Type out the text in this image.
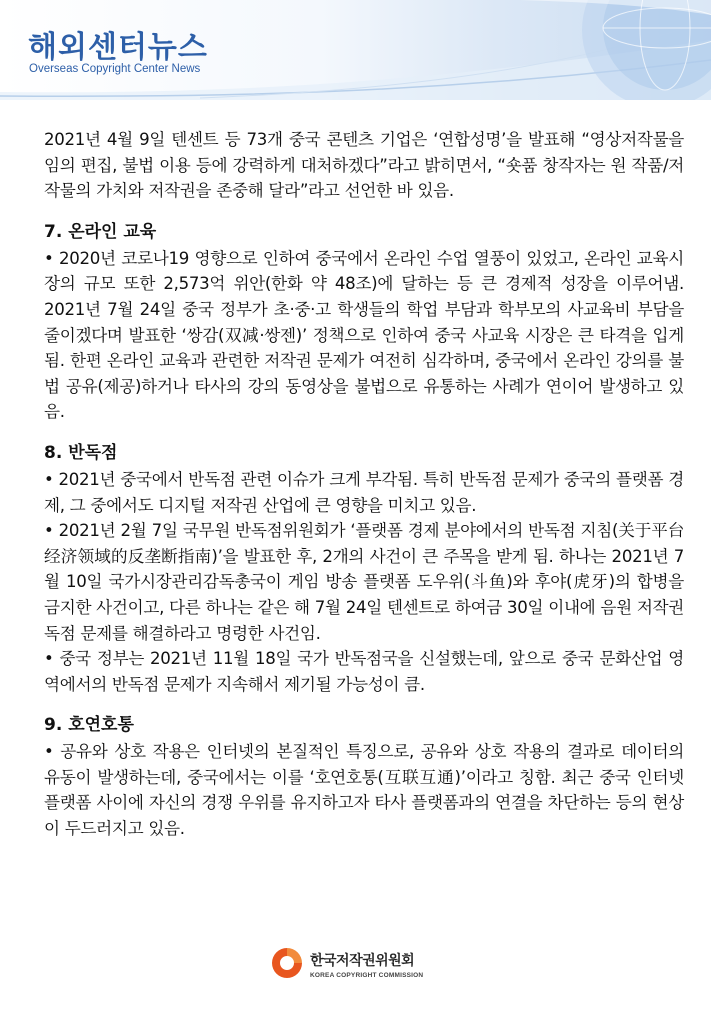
해외센터뉴스
Overseas Copyright Center News

2021년 4월 9일 텐센트 등 73개 중국 콘텐츠 기업은 ‘연합성명’을 발표해 “영상저작물을 임의 편집, 불법 이용 등에 강력하게 대처하겠다”라고 밝히면서, “숏품 창작자는 원 작품/저작물의 가치와 저작권을 존중해 달라”라고 선언한 바 있음.

7. 온라인 교육

• 2020년 코로나19 영향으로 인하여 중국에서 온라인 수업 열풍이 있었고, 온라인 교육시장의 규모 또한 2,573억 위안(한화 약 48조)에 달하는 등 큰 경제적 성장을 이루어냄. 2021년 7월 24일 중국 정부가 초·중·고 학생들의 학업 부담과 학부모의 사교육비 부담을 줄이겠다며 발표한 ‘쌍감(双减·쌍젠)’ 정책으로 인하여 중국 사교육 시장은 큰 타격을 입게 됨. 한편 온라인 교육과 관련한 저작권 문제가 여전히 심각하며, 중국에서 온라인 강의를 불법 공유(제공)하거나 타사의 강의 동영상을 불법으로 유통하는 사례가 연이어 발생하고 있음.

8. 반독점

• 2021년 중국에서 반독점 관련 이슈가 크게 부각됨. 특히 반독점 문제가 중국의 플랫폼 경제, 그 중에서도 디지털 저작권 산업에 큰 영향을 미치고 있음.

• 2021년 2월 7일 국무원 반독점위원회가 ‘플랫폼 경제 분야에서의 반독점 지침(关于平台经济领域的反垄断指南)’을 발표한 후, 2개의 사건이 큰 주목을 받게 됨. 하나는 2021년 7월 10일 국가시장관리감독총국이 게임 방송 플랫폼 도우위(斗鱼)와 후야(虎牙)의 합병을 금지한 사건이고, 다른 하나는 같은 해 7월 24일 텐센트로 하여금 30일 이내에 음원 저작권 독점 문제를 해결하라고 명령한 사건임.

• 중국 정부는 2021년 11월 18일 국가 반독점국을 신설했는데, 앞으로 중국 문화산업 영역에서의 반독점 문제가 지속해서 제기될 가능성이 큼.

9. 호연호통

• 공유와 상호 작용은 인터넷의 본질적인 특징으로, 공유와 상호 작용의 결과로 데이터의 유동이 발생하는데, 중국에서는 이를 ‘호연호통(互联互通)’이라고 칭함. 최근 중국 인터넷 플랫폼 사이에 자신의 경쟁 우위를 유지하고자 타사 플랫폼과의 연결을 차단하는 등의 현상이 두드러지고 있음.

한국저작권위원회
KOREA COPYRIGHT COMMISSION
